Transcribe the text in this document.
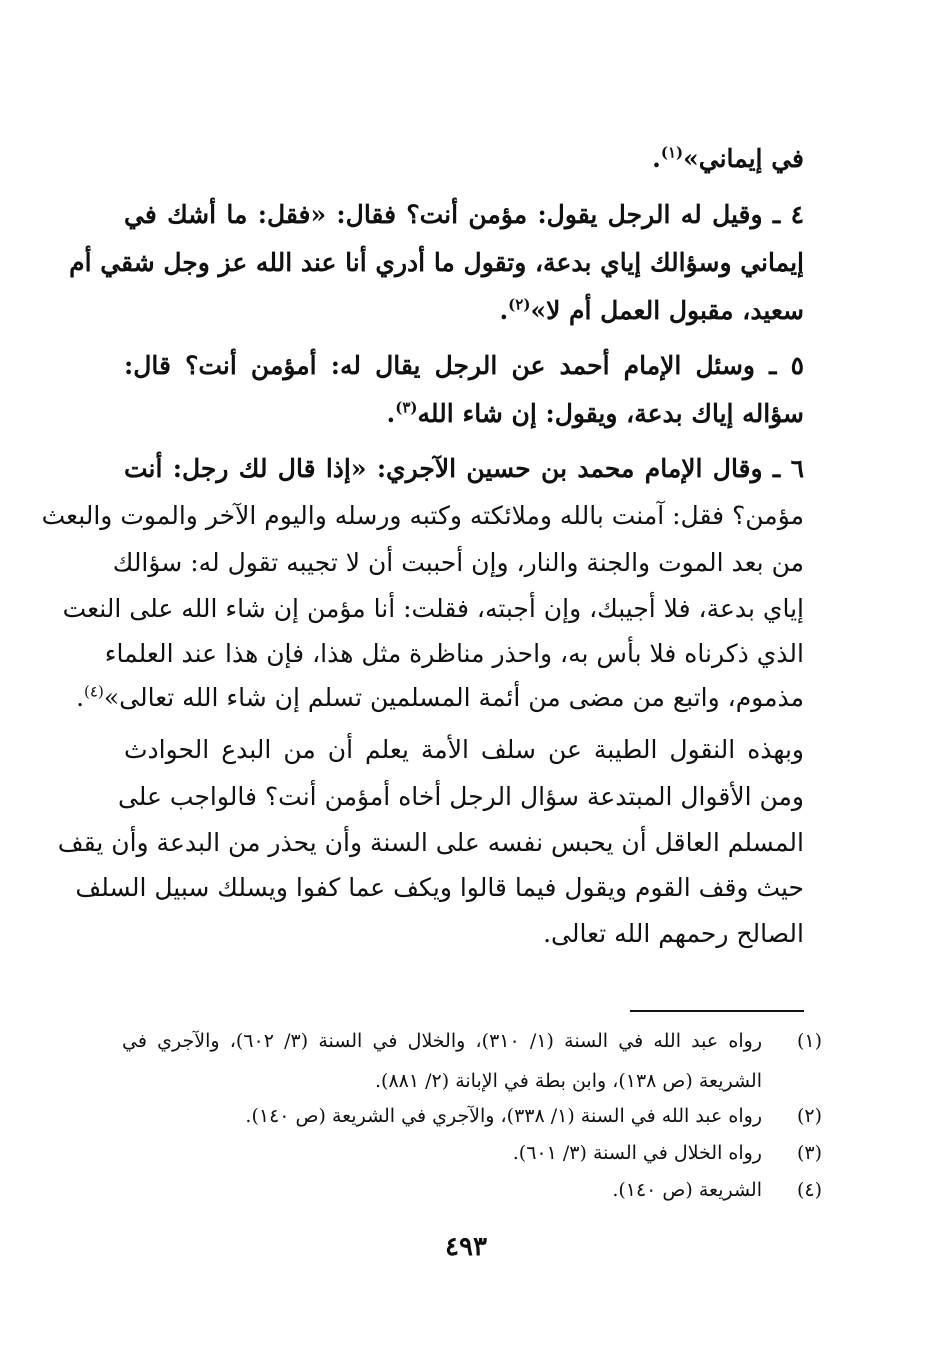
في إيماني»$^{(١)}$.
٤ ـ وقيل له الرجل يقول: مؤمن أنت؟ فقال: «فقل: ما أشك في
إيماني وسؤالك إياي بدعة، وتقول ما أدري أنا عند الله عز وجل شقي أم
سعيد، مقبول العمل أم لا»$^{(٢)}$.
٥ ـ وسئل الإمام أحمد عن الرجل يقال له: أمؤمن أنت؟ قال:
سؤاله إياك بدعة، ويقول: إن شاء الله$^{(٣)}$.
٦ ـ وقال الإمام محمد بن حسين الآجري: «إذا قال لك رجل: أنت
مؤمن؟ فقل: آمنت بالله وملائكته وكتبه ورسله واليوم الآخر والموت والبعث
من بعد الموت والجنة والنار، وإن أحببت أن لا تجيبه تقول له: سؤالك
إياي بدعة، فلا أجيبك، وإن أجبته، فقلت: أنا مؤمن إن شاء الله على النعت
الذي ذكرناه فلا بأس به، واحذر مناظرة مثل هذا، فإن هذا عند العلماء
مذموم، واتبع من مضى من أئمة المسلمين تسلم إن شاء الله تعالى»$^{(٤)}$.
وبهذه النقول الطيبة عن سلف الأمة يعلم أن من البدع الحوادث
ومن الأقوال المبتدعة سؤال الرجل أخاه أمؤمن أنت؟ فالواجب على
المسلم العاقل أن يحبس نفسه على السنة وأن يحذر من البدعة وأن يقف
حيث وقف القوم ويقول فيما قالوا ويكف عما كفوا ويسلك سبيل السلف
الصالح رحمهم الله تعالى.
(١)
رواه عبد الله في السنة (١/ ٣١٠)، والخلال في السنة (٣/ ٦٠٢)، والآجري في
الشريعة (ص ١٣٨)، وابن بطة في الإبانة (٢/ ٨٨١).
(٢)
رواه عبد الله في السنة (١/ ٣٣٨)، والآجري في الشريعة (ص ١٤٠).
(٣)
رواه الخلال في السنة (٣/ ٦٠١).
(٤)
الشريعة (ص ١٤٠).
٤٩٣
